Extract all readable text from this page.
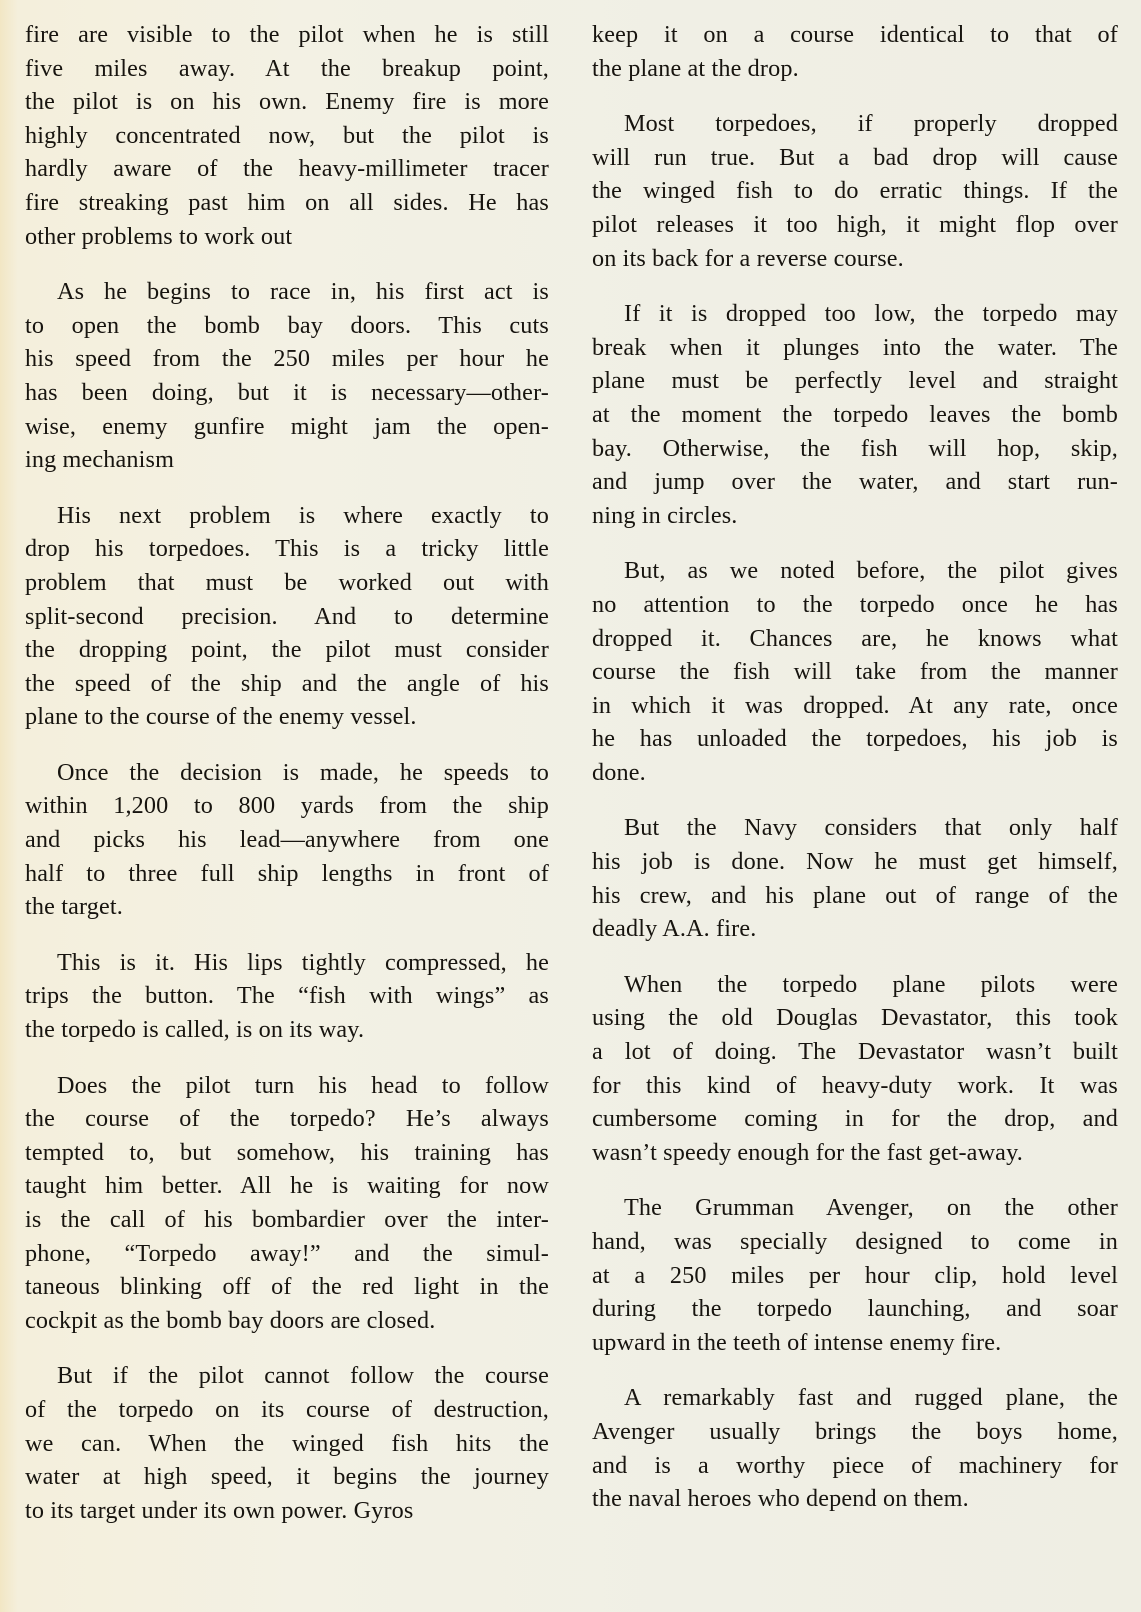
fire are visible to the pilot when he is still
five miles away. At the breakup point,
the pilot is on his own. Enemy fire is more
highly concentrated now, but the pilot is
hardly aware of the heavy-millimeter tracer
fire streaking past him on all sides. He has
other problems to work out

As he begins to race in, his first act is
to open the bomb bay doors. This cuts
his speed from the 250 miles per hour he
has been doing, but it is necessary—other-
wise, enemy gunfire might jam the open-
ing mechanism

His next problem is where exactly to
drop his torpedoes. This is a tricky little
problem that must be worked out with
split-second precision. And to determine
the dropping point, the pilot must consider
the speed of the ship and the angle of his
plane to the course of the enemy vessel.

Once the decision is made, he speeds to
within 1,200 to 800 yards from the ship
and picks his lead—anywhere from one
half to three full ship lengths in front of
the target.

This is it. His lips tightly compressed, he
trips the button. The “fish with wings” as
the torpedo is called, is on its way.

Does the pilot turn his head to follow
the course of the torpedo? He’s always
tempted to, but somehow, his training has
taught him better. All he is waiting for now
is the call of his bombardier over the inter-
phone, “Torpedo away!” and the simul-
taneous blinking off of the red light in the
cockpit as the bomb bay doors are closed.

But if the pilot cannot follow the course
of the torpedo on its course of destruction,
we can. When the winged fish hits the
water at high speed, it begins the journey
to its target under its own power. Gyros

keep it on a course identical to that of
the plane at the drop.

Most torpedoes, if properly dropped
will run true. But a bad drop will cause
the winged fish to do erratic things. If the
pilot releases it too high, it might flop over
on its back for a reverse course.

If it is dropped too low, the torpedo may
break when it plunges into the water. The
plane must be perfectly level and straight
at the moment the torpedo leaves the bomb
bay. Otherwise, the fish will hop, skip,
and jump over the water, and start run-
ning in circles.

But, as we noted before, the pilot gives
no attention to the torpedo once he has
dropped it. Chances are, he knows what
course the fish will take from the manner
in which it was dropped. At any rate, once
he has unloaded the torpedoes, his job is
done.

But the Navy considers that only half
his job is done. Now he must get himself,
his crew, and his plane out of range of the
deadly A.A. fire.

When the torpedo plane pilots were
using the old Douglas Devastator, this took
a lot of doing. The Devastator wasn’t built
for this kind of heavy-duty work. It was
cumbersome coming in for the drop, and
wasn’t speedy enough for the fast get-away.

The Grumman Avenger, on the other
hand, was specially designed to come in
at a 250 miles per hour clip, hold level
during the torpedo launching, and soar
upward in the teeth of intense enemy fire.

A remarkably fast and rugged plane, the
Avenger usually brings the boys home,
and is a worthy piece of machinery for
the naval heroes who depend on them.
